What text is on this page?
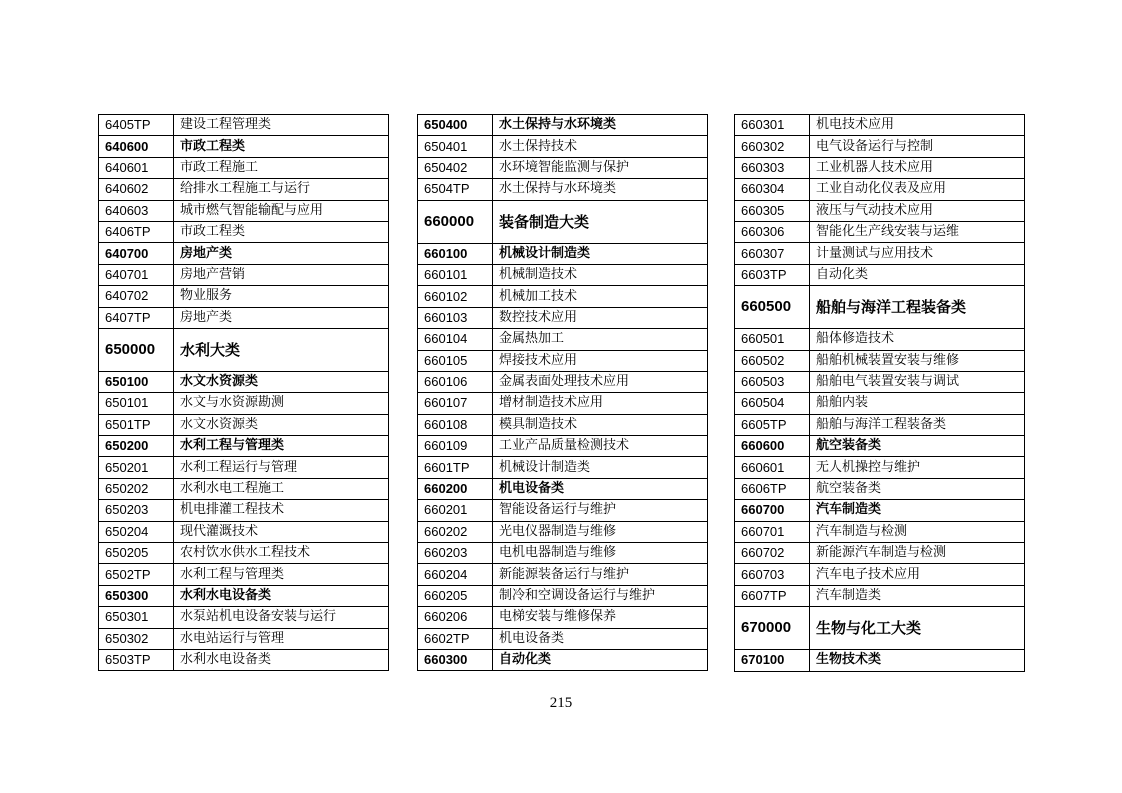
6405TP	建设工程管理类
640600	市政工程类
640601	市政工程施工
640602	给排水工程施工与运行
640603	城市燃气智能输配与应用
6406TP	市政工程类
640700	房地产类
640701	房地产营销
640702	物业服务
6407TP	房地产类
650000	水利大类
650100	水文水资源类
650101	水文与水资源勘测
6501TP	水文水资源类
650200	水利工程与管理类
650201	水利工程运行与管理
650202	水利水电工程施工
650203	机电排灌工程技术
650204	现代灌溉技术
650205	农村饮水供水工程技术
6502TP	水利工程与管理类
650300	水利水电设备类
650301	水泵站机电设备安装与运行
650302	水电站运行与管理
6503TP	水利水电设备类
650400	水土保持与水环境类
650401	水土保持技术
650402	水环境智能监测与保护
6504TP	水土保持与水环境类
660000	装备制造大类
660100	机械设计制造类
660101	机械制造技术
660102	机械加工技术
660103	数控技术应用
660104	金属热加工
660105	焊接技术应用
660106	金属表面处理技术应用
660107	增材制造技术应用
660108	模具制造技术
660109	工业产品质量检测技术
6601TP	机械设计制造类
660200	机电设备类
660201	智能设备运行与维护
660202	光电仪器制造与维修
660203	电机电器制造与维修
660204	新能源装备运行与维护
660205	制冷和空调设备运行与维护
660206	电梯安装与维修保养
6602TP	机电设备类
660300	自动化类
660301	机电技术应用
660302	电气设备运行与控制
660303	工业机器人技术应用
660304	工业自动化仪表及应用
660305	液压与气动技术应用
660306	智能化生产线安装与运维
660307	计量测试与应用技术
6603TP	自动化类
660500	船舶与海洋工程装备类
660501	船体修造技术
660502	船舶机械装置安装与维修
660503	船舶电气装置安装与调试
660504	船舶内装
6605TP	船舶与海洋工程装备类
660600	航空装备类
660601	无人机操控与维护
6606TP	航空装备类
660700	汽车制造类
660701	汽车制造与检测
660702	新能源汽车制造与检测
660703	汽车电子技术应用
6607TP	汽车制造类
670000	生物与化工大类
670100	生物技术类
215
